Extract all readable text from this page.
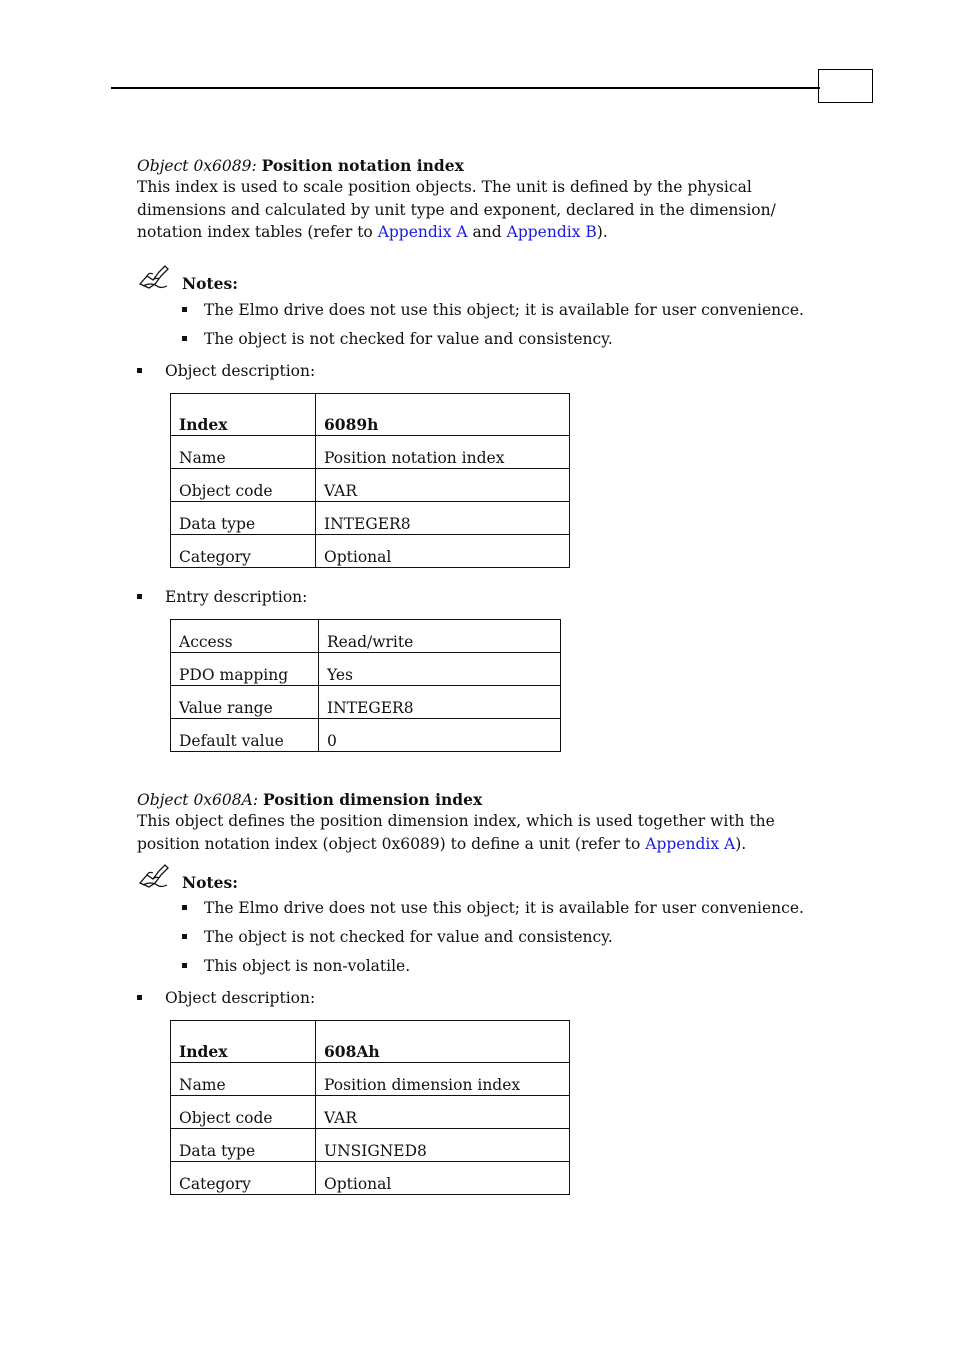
Object 0x6089: Position notation index

This index is used to scale position objects. The unit is defined by the physical dimensions and calculated by unit type and exponent, declared in the dimension/ notation index tables (refer to Appendix A and Appendix B).

Notes:
The Elmo drive does not use this object; it is available for user convenience.
The object is not checked for value and consistency.
Object description:
Index	6089h
Name	Position notation index
Object code	VAR
Data type	INTEGER8
Category	Optional
Entry description:
Access	Read/write
PDO mapping	Yes
Value range	INTEGER8
Default value	0
Object 0x608A: Position dimension index

This object defines the position dimension index, which is used together with the position notation index (object 0x6089) to define a unit (refer to Appendix A).

Notes:
The Elmo drive does not use this object; it is available for user convenience.
The object is not checked for value and consistency.
This object is non-volatile.
Object description:
Index	608Ah
Name	Position dimension index
Object code	VAR
Data type	UNSIGNED8
Category	Optional
